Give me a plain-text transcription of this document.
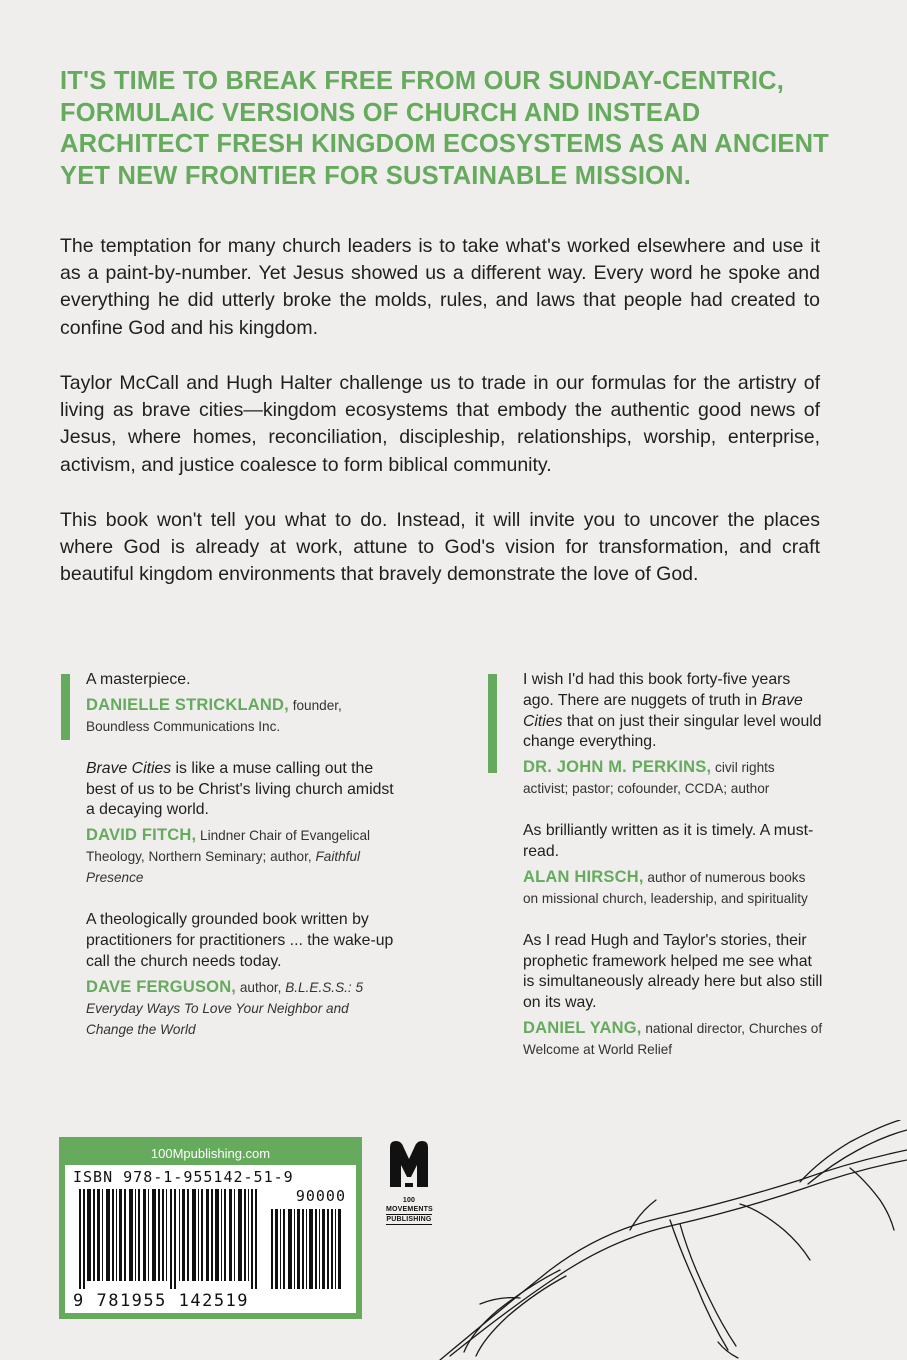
IT'S TIME TO BREAK FREE FROM OUR SUNDAY-CENTRIC, FORMULAIC VERSIONS OF CHURCH AND INSTEAD ARCHITECT FRESH KINGDOM ECOSYSTEMS AS AN ANCIENT YET NEW FRONTIER FOR SUSTAINABLE MISSION.

The temptation for many church leaders is to take what's worked elsewhere and use it as a paint-by-number. Yet Jesus showed us a different way. Every word he spoke and everything he did utterly broke the molds, rules, and laws that people had created to confine God and his kingdom.

Taylor McCall and Hugh Halter challenge us to trade in our formulas for the artistry of living as brave cities—kingdom ecosystems that embody the authentic good news of Jesus, where homes, reconciliation, discipleship, relationships, worship, enterprise, activism, and justice coalesce to form biblical community.

This book won't tell you what to do. Instead, it will invite you to uncover the places where God is already at work, attune to God's vision for transformation, and craft beautiful kingdom environments that bravely demonstrate the love of God.

A masterpiece.

DANIELLE STRICKLAND, founder, Boundless Communications Inc.

Brave Cities is like a muse calling out the best of us to be Christ's living church amidst a decaying world.

DAVID FITCH, Lindner Chair of Evangelical Theology, Northern Seminary; author, Faithful Presence

A theologically grounded book written by practitioners for practitioners ... the wake-up call the church needs today.

DAVE FERGUSON, author, B.L.E.S.S.: 5 Everyday Ways To Love Your Neighbor and Change the World

I wish I'd had this book forty-five years ago. There are nuggets of truth in Brave Cities that on just their singular level would change everything.

DR. JOHN M. PERKINS, civil rights activist; pastor; cofounder, CCDA; author

As brilliantly written as it is timely. A must-read.

ALAN HIRSCH, author of numerous books on missional church, leadership, and spirituality

As I read Hugh and Taylor's stories, their prophetic framework helped me see what is simultaneously already here but also still on its way.

DANIEL YANG, national director, Churches of Welcome at World Relief

100Mpublishing.com
ISBN 978-1-955142-51-9
90000
9 781955 142519
100 MOVEMENTS
PUBLISHING
